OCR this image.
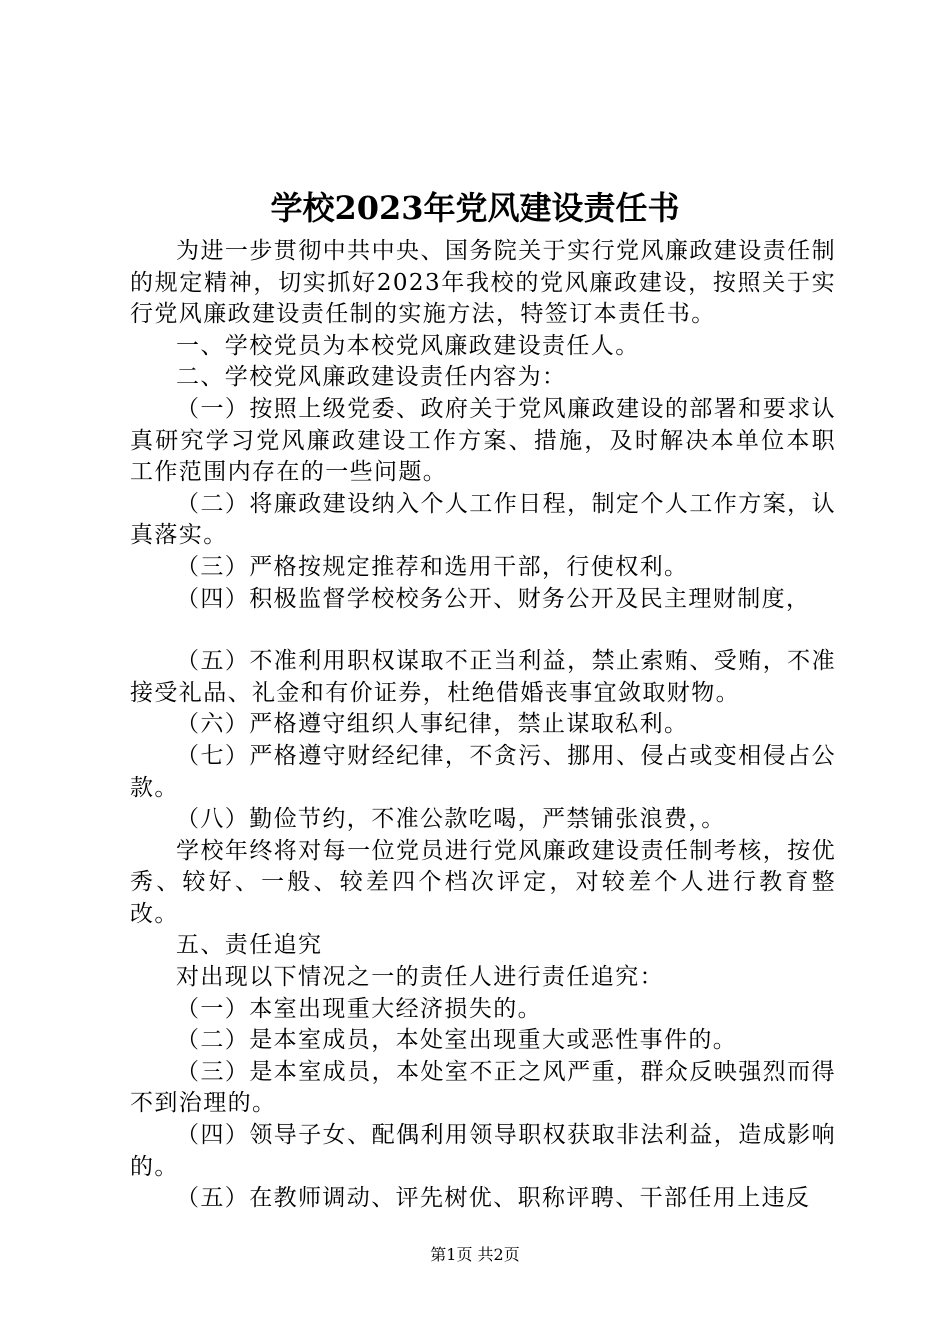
学校2023年党风建设责任书

为进一步贯彻中共中央、国务院关于实行党风廉政建设责任制的规定精神，切实抓好2023年我校的党风廉政建设，按照关于实行党风廉政建设责任制的实施方法，特签订本责任书。

一、学校党员为本校党风廉政建设责任人。

二、学校党风廉政建设责任内容为：

（一）按照上级党委、政府关于党风廉政建设的部署和要求认真研究学习党风廉政建设工作方案、措施，及时解决本单位本职工作范围内存在的一些问题。

（二）将廉政建设纳入个人工作日程，制定个人工作方案，认真落实。

（三）严格按规定推荐和选用干部，行使权利。

（四）积极监督学校校务公开、财务公开及民主理财制度，

（五）不准利用职权谋取不正当利益，禁止索贿、受贿，不准接受礼品、礼金和有价证券，杜绝借婚丧事宜敛取财物。

（六）严格遵守组织人事纪律，禁止谋取私利。

（七）严格遵守财经纪律，不贪污、挪用、侵占或变相侵占公款。

（八）勤俭节约，不准公款吃喝，严禁铺张浪费，。

学校年终将对每一位党员进行党风廉政建设责任制考核，按优秀、较好、一般、较差四个档次评定，对较差个人进行教育整改。

五、责任追究

对出现以下情况之一的责任人进行责任追究：

（一）本室出现重大经济损失的。

（二）是本室成员，本处室出现重大或恶性事件的。

（三）是本室成员，本处室不正之风严重，群众反映强烈而得不到治理的。

（四）领导子女、配偶利用领导职权获取非法利益，造成影响的。

（五）在教师调动、评先树优、职称评聘、干部任用上违反

第1页 共2页
